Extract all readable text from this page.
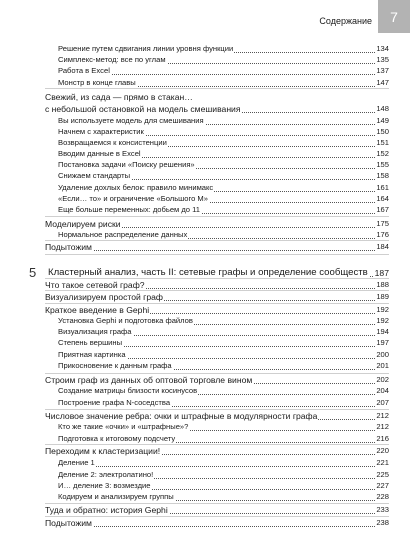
Содержание 7
Решение путем сдвигания линии уровня функции	134
Симплекс-метод: все по углам	135
Работа в Excel	137
Монстр в конце главы	147
Свежий, из сада — прямо в стакан…
с небольшой остановкой на модель смешивания	148
Вы используете модель для смешивания	149
Начнем с характеристик	150
Возвращаемся к консистенции	151
Вводим данные в Excel	152
Постановка задачи «Поиску решения»	155
Снижаем стандарты	158
Удаление дохлых белок: правило минимакс	161
«Если… то» и ограничение «Большого M»	164
Еще больше переменных: добьем до 11	167
Моделируем риски	175
Нормальное распределение данных	176
Подытожим	184
5 Кластерный анализ, часть II: сетевые графы и определение сообществ 187
Что такое сетевой граф?	188
Визуализируем простой граф	189
Краткое введение в Gephi	192
Установка Gephi и подготовка файлов	192
Визуализация графа	194
Степень вершины	197
Приятная картинка	200
Прикосновение к данным графа	201
Строим граф из данных об оптовой торговле вином	202
Создание матрицы близости косинусов	204
Построение графа N-соседства	207
Числовое значение ребра: очки и штрафные в модулярности графа	212
Кто же такие «очки» и «штрафные»?	212
Подготовка к итоговому подсчету	216
Переходим к кластеризации!	220
Деление 1	221
Деление 2: электролатино!	225
И… деление 3: возмездие	227
Кодируем и анализируем группы	228
Туда и обратно: история Gephi	233
Подытожим	238
